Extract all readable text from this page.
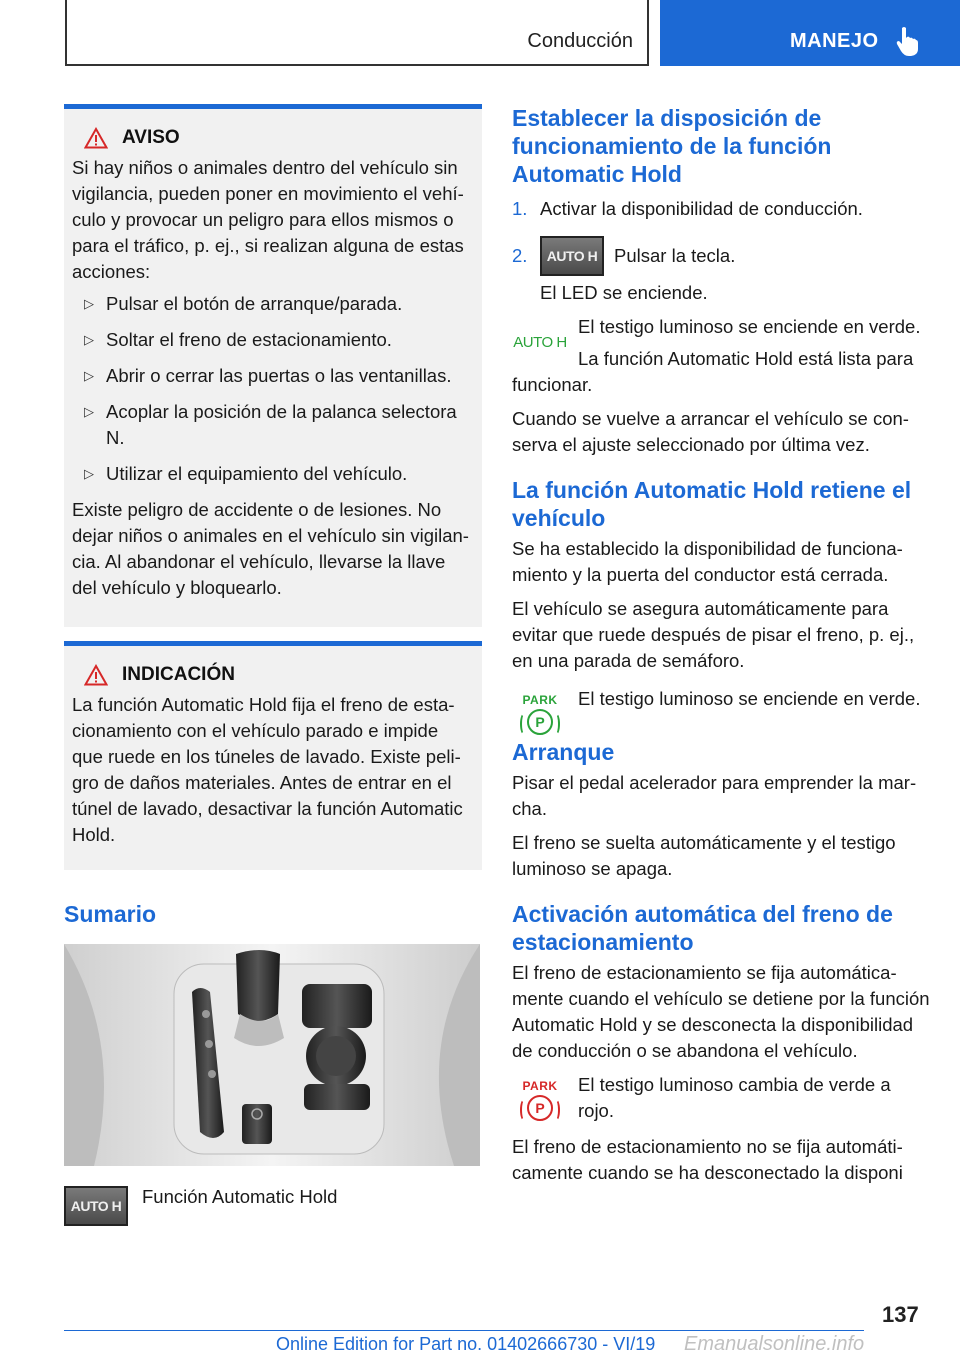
Conducción	MANEJO
AVISO

Si hay niños o animales dentro del vehículo sin vigilancia, pueden poner en movimiento el vehículo y provocar un peligro para ellos mismos o para el tráfico, p. ej., si realizan alguna de estas acciones:

▷ Pulsar el botón de arranque/parada.
▷ Soltar el freno de estacionamiento.
▷ Abrir o cerrar las puertas o las ventanillas.
▷ Acoplar la posición de la palanca selectora N.
▷ Utilizar el equipamiento del vehículo.

Existe peligro de accidente o de lesiones. No dejar niños o animales en el vehículo sin vigilancia. Al abandonar el vehículo, llevarse la llave del vehículo y bloquearlo.

INDICACIÓN

La función Automatic Hold fija el freno de estacionamiento con el vehículo parado e impide que ruede en los túneles de lavado. Existe peligro de daños materiales. Antes de entrar en el túnel de lavado, desactivar la función Automatic Hold.

Sumario
AUTO H Función Automatic Hold

Establecer la disposición de funcionamiento de la función Automatic Hold
1. Activar la disponibilidad de conducción.
2.	AUTO H Pulsar la tecla.

El LED se enciende.

AUTO H

El testigo luminoso se enciende en verde.

La función Automatic Hold está lista para funcionar.

Cuando se vuelve a arrancar el vehículo se conserva el ajuste seleccionado por última vez.

La función Automatic Hold retiene el vehículo

Se ha establecido la disponibilidad de funcionamiento y la puerta del conductor está cerrada.

El vehículo se asegura automáticamente para evitar que ruede después de pisar el freno, p. ej., en una parada de semáforo.

PARK
P

El testigo luminoso se enciende en verde.

Arranque

Pisar el pedal acelerador para emprender la marcha.

El freno se suelta automáticamente y el testigo luminoso se apaga.

Activación automática del freno de estacionamiento

El freno de estacionamiento se fija automáticamente cuando el vehículo se detiene por la función Automatic Hold y se desconecta la disponibilidad de conducción o se abandona el vehículo.

PARK
P

El testigo luminoso cambia de verde a rojo.

El freno de estacionamiento no se fija automáticamente cuando se ha desconectado la disponi

137
Online Edition for Part no. 01402666730 - VI/19 Emanualsonline.info
